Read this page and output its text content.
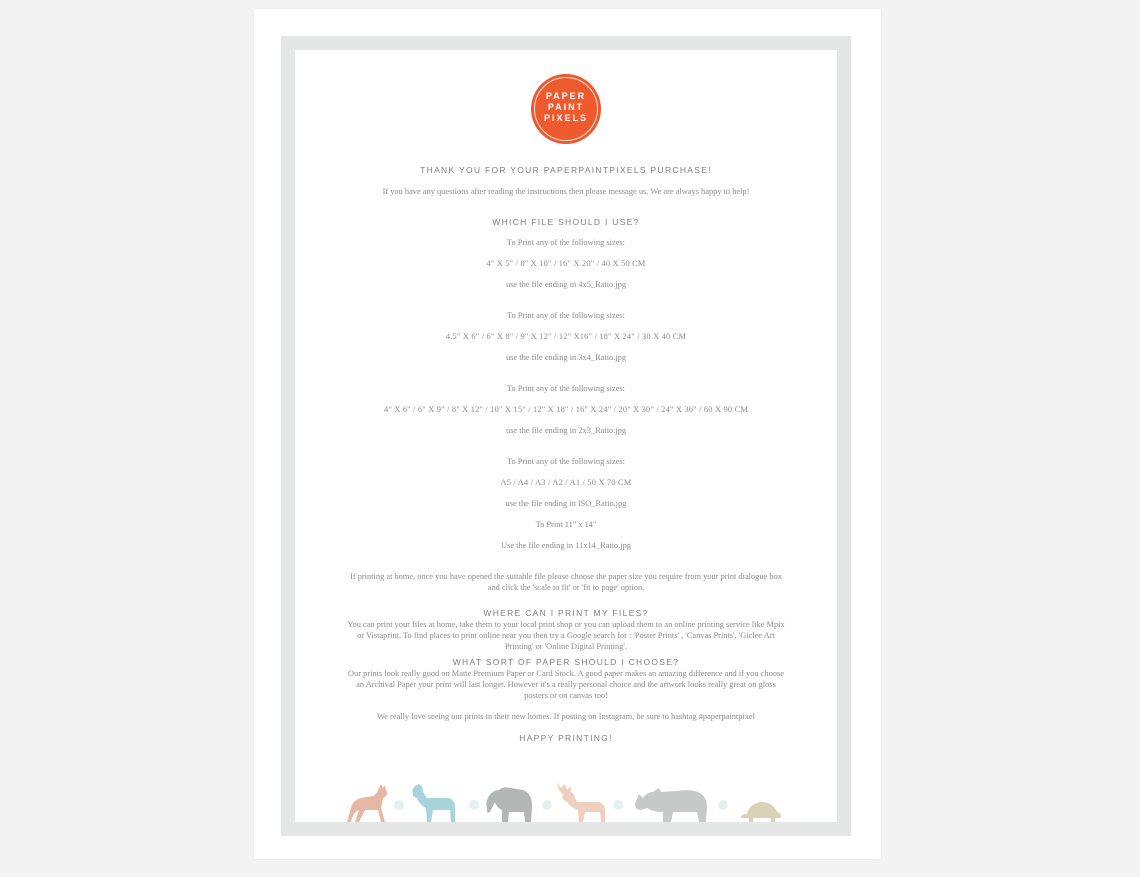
PAPER
PAINT
PIXELS

THANK YOU FOR YOUR PAPERPAINTPIXELS PURCHASE!

If you have any questions after reading the instructions then please message us. We are always happy to help!

WHICH FILE SHOULD I USE?

To Print any of the following sizes:

4" X 5" / 8" X 10" / 16" X 20" / 40 X 50 CM

use the file ending in 4x5_Ratio.jpg

To Print any of the following sizes:

4.5" X 6" / 6" X 8" / 9" X 12" / 12" X16" / 18" X 24" / 30 X 40 CM

use the file ending in 3x4_Ratio.jpg

To Print any of the following sizes:

4" X 6" / 6" X 9" / 8" X 12" / 10" X 15" / 12" X 18" / 16" X 24" / 20" X 30" / 24" X 36" / 60 X 90 CM

use the file ending in 2x3_Ratio.jpg

To Print any of the following sizes:

A5 / A4 / A3 / A2 / A1 / 50 X 70 CM

use the file ending in ISO_Ratio.jpg

To Print 11" x 14"

Use the file ending in 11x14_Ratio.jpg

If printing at home, once you have opened the suitable file please choose the paper size you require from your print dialogue box and click the 'scale to fit' or 'fit to page' option.

WHERE CAN I PRINT MY FILES?

You can print your files at home, take them to your local print shop or you can upload them to an online printing service like Mpix or Vistaprint. To find places to print online near you then try a Google search for : 'Poster Prints' , 'Canvas Prints', 'Giclee Art Printing' or 'Online Digital Printing'.

WHAT SORT OF PAPER SHOULD I CHOOSE?

Our prints look really good on Matte Premium Paper or Card Stock. A good paper makes an amazing difference and if you choose an Archival Paper your print will last longer. However it's a really personal choice and the artwork looks really great on gloss posters or on canvas too!

We really love seeing our prints in their new homes. If posting on Instagram, be sure to hashtag #paperpaintpixel

HAPPY PRINTING!
